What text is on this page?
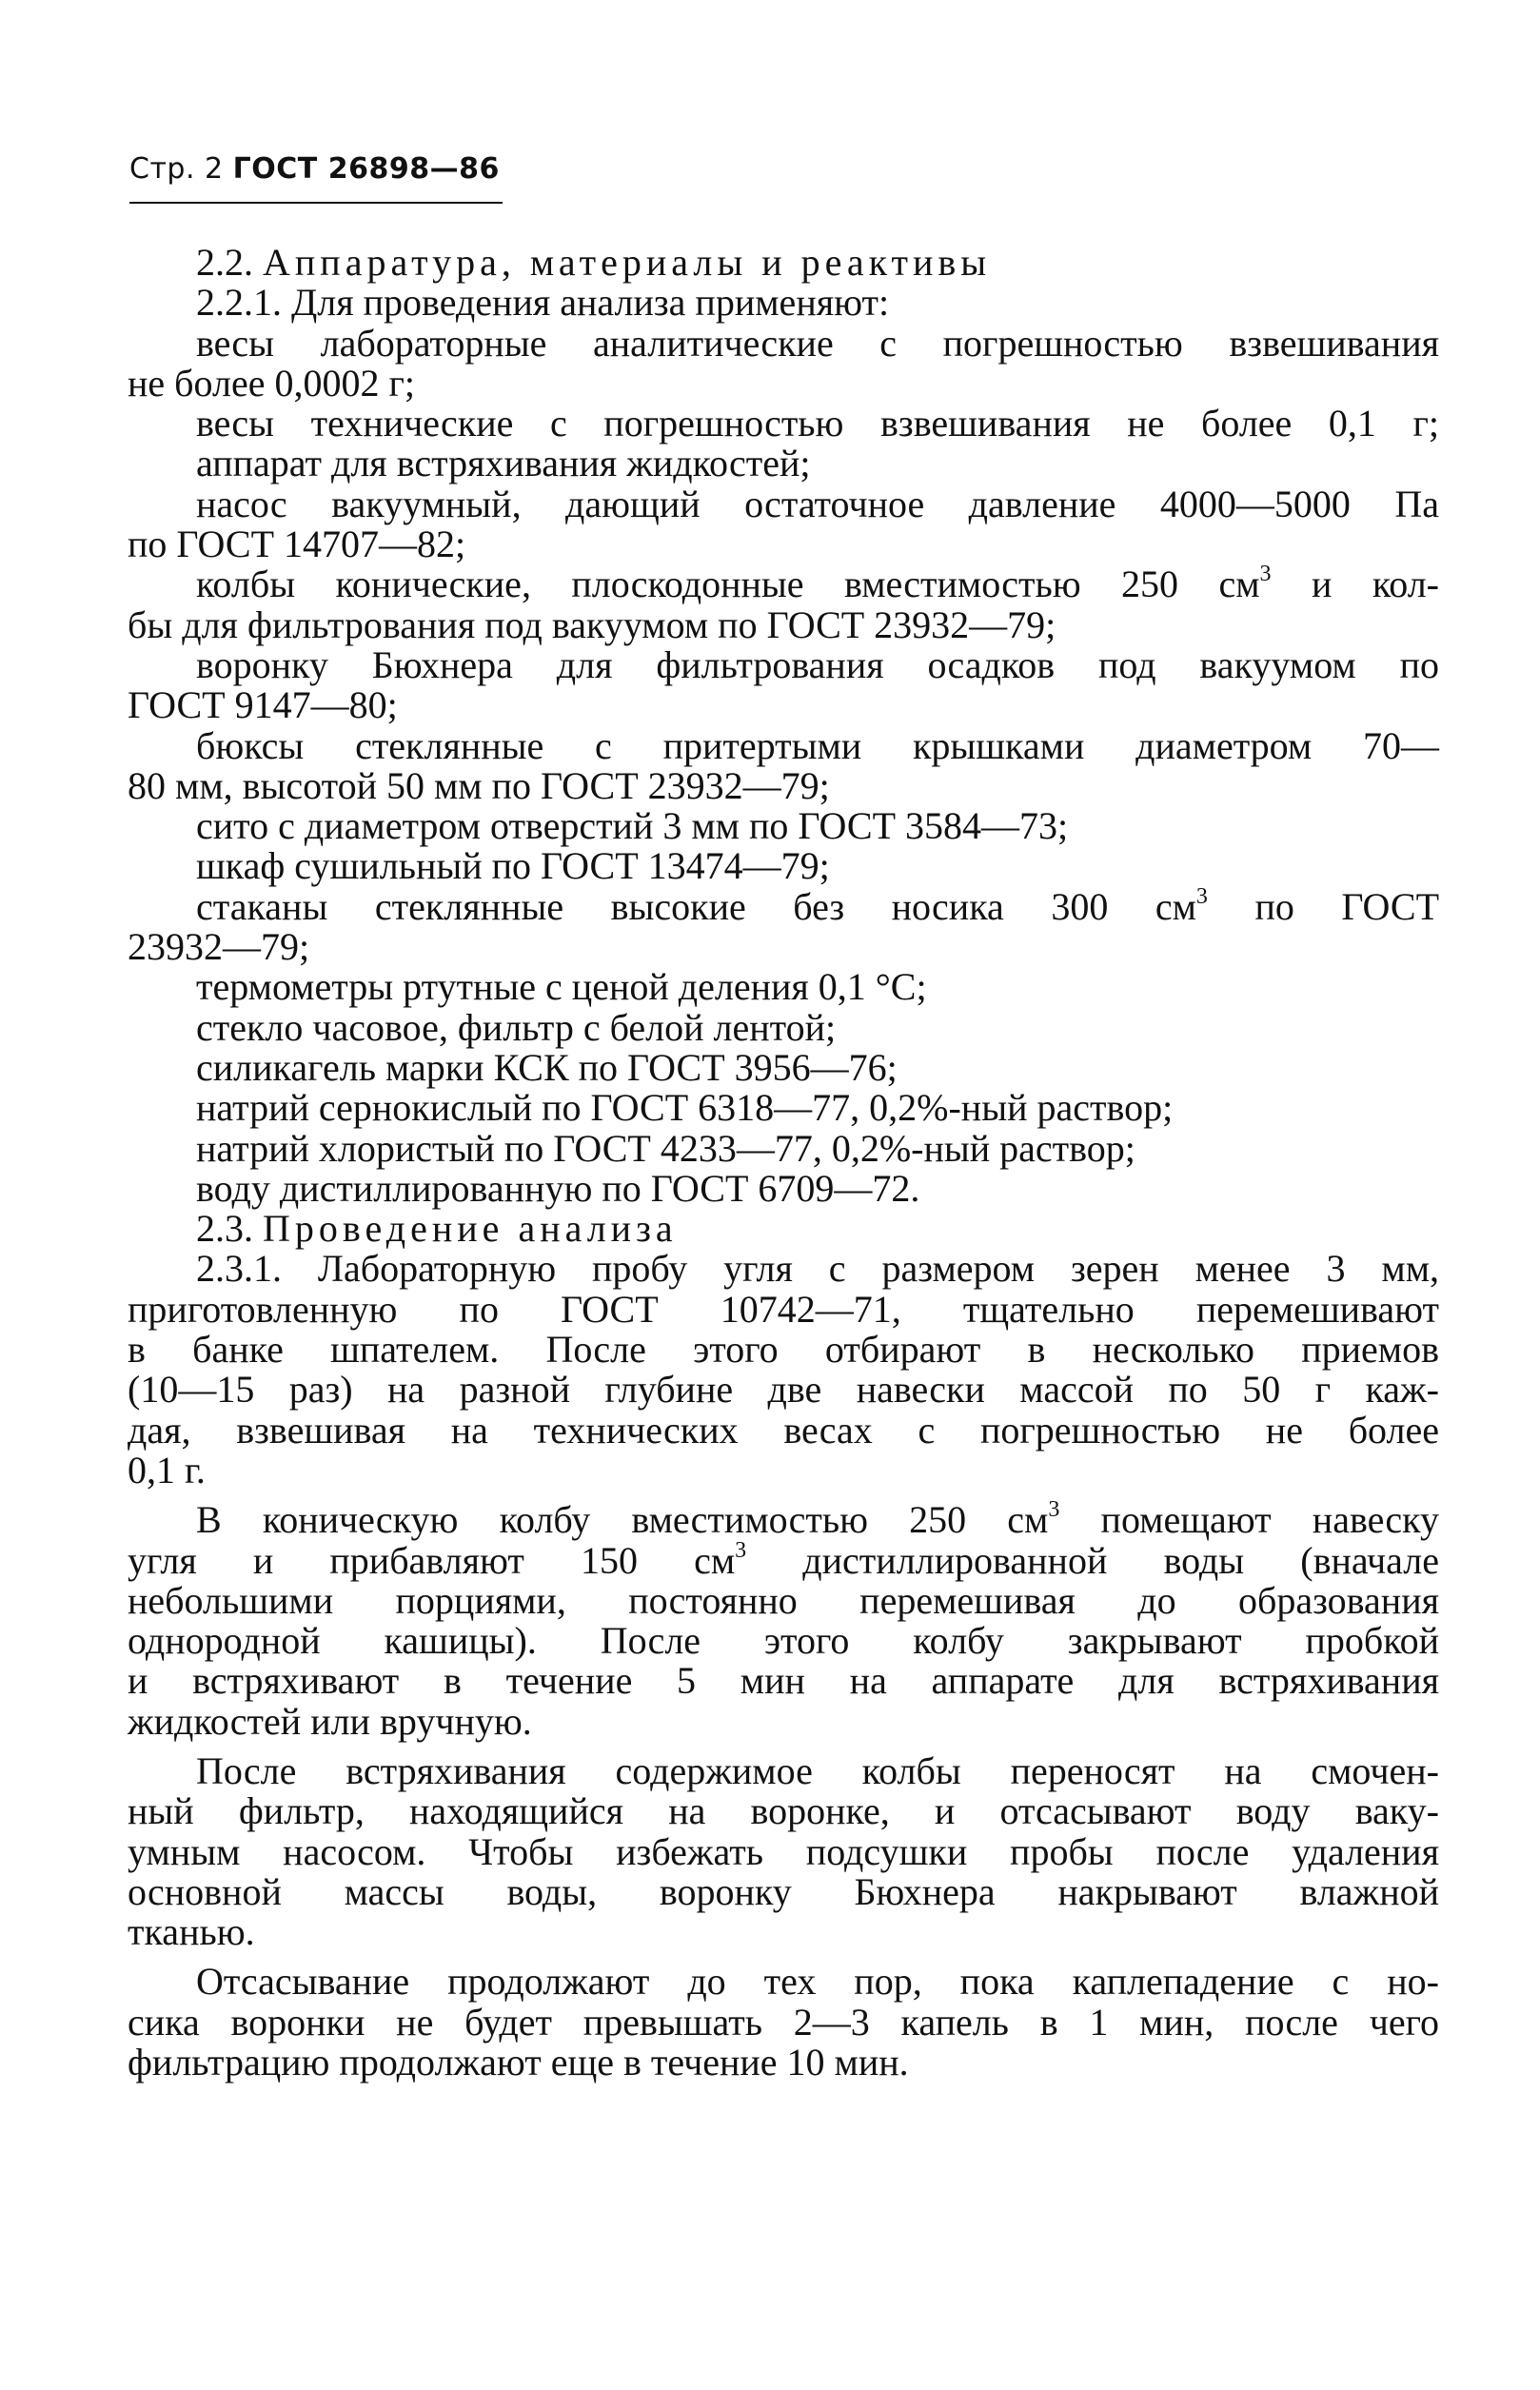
Стр. 2 ГОСТ 26898—86
2.2. Аппаратура, материалы и реактивы
2.2.1. Для проведения анализа применяют:
весы лабораторные аналитические с погрешностью взвешивания
не более 0,0002 г;
весы технические с погрешностью взвешивания не более 0,1 г;
аппарат для встряхивания жидкостей;
насос вакуумный, дающий остаточное давление 4000—5000 Па
по ГОСТ 14707—82;
колбы конические, плоскодонные вместимостью 250 $см^3$ и кол-
бы для фильтрования под вакуумом по ГОСТ 23932—79;
воронку Бюхнера для фильтрования осадков под вакуумом по
ГОСТ 9147—80;
бюксы стеклянные с притертыми крышками диаметром 70—
80 мм, высотой 50 мм по ГОСТ 23932—79;
сито с диаметром отверстий 3 мм по ГОСТ 3584—73;
шкаф сушильный по ГОСТ 13474—79;
стаканы стеклянные высокие без носика 300 $см^3$ по ГОСТ
23932—79;
термометры ртутные с ценой деления 0,1 °С;
стекло часовое, фильтр с белой лентой;
силикагель марки КСК по ГОСТ 3956—76;
натрий сернокислый по ГОСТ 6318—77, 0,2%-ный раствор;
натрий хлористый по ГОСТ 4233—77, 0,2%-ный раствор;
воду дистиллированную по ГОСТ 6709—72.
2.3. Проведение анализа
2.3.1. Лабораторную пробу угля с размером зерен менее 3 мм,
приготовленную по ГОСТ 10742—71, тщательно перемешивают
в банке шпателем. После этого отбирают в несколько приемов
(10—15 раз) на разной глубине две навески массой по 50 г каж-
дая, взвешивая на технических весах с погрешностью не более
0,1 г.
В коническую колбу вместимостью 250 $см^3$ помещают навеску
угля и прибавляют 150 $см^3$ дистиллированной воды (вначале
небольшими порциями, постоянно перемешивая до образования
однородной кашицы). После этого колбу закрывают пробкой
и встряхивают в течение 5 мин на аппарате для встряхивания
жидкостей или вручную.
После встряхивания содержимое колбы переносят на смочен-
ный фильтр, находящийся на воронке, и отсасывают воду ваку-
умным насосом. Чтобы избежать подсушки пробы после удаления
основной массы воды, воронку Бюхнера накрывают влажной
тканью.
Отсасывание продолжают до тех пор, пока каплепадение с но-
сика воронки не будет превышать 2—3 капель в 1 мин, после чего
фильтрацию продолжают еще в течение 10 мин.
